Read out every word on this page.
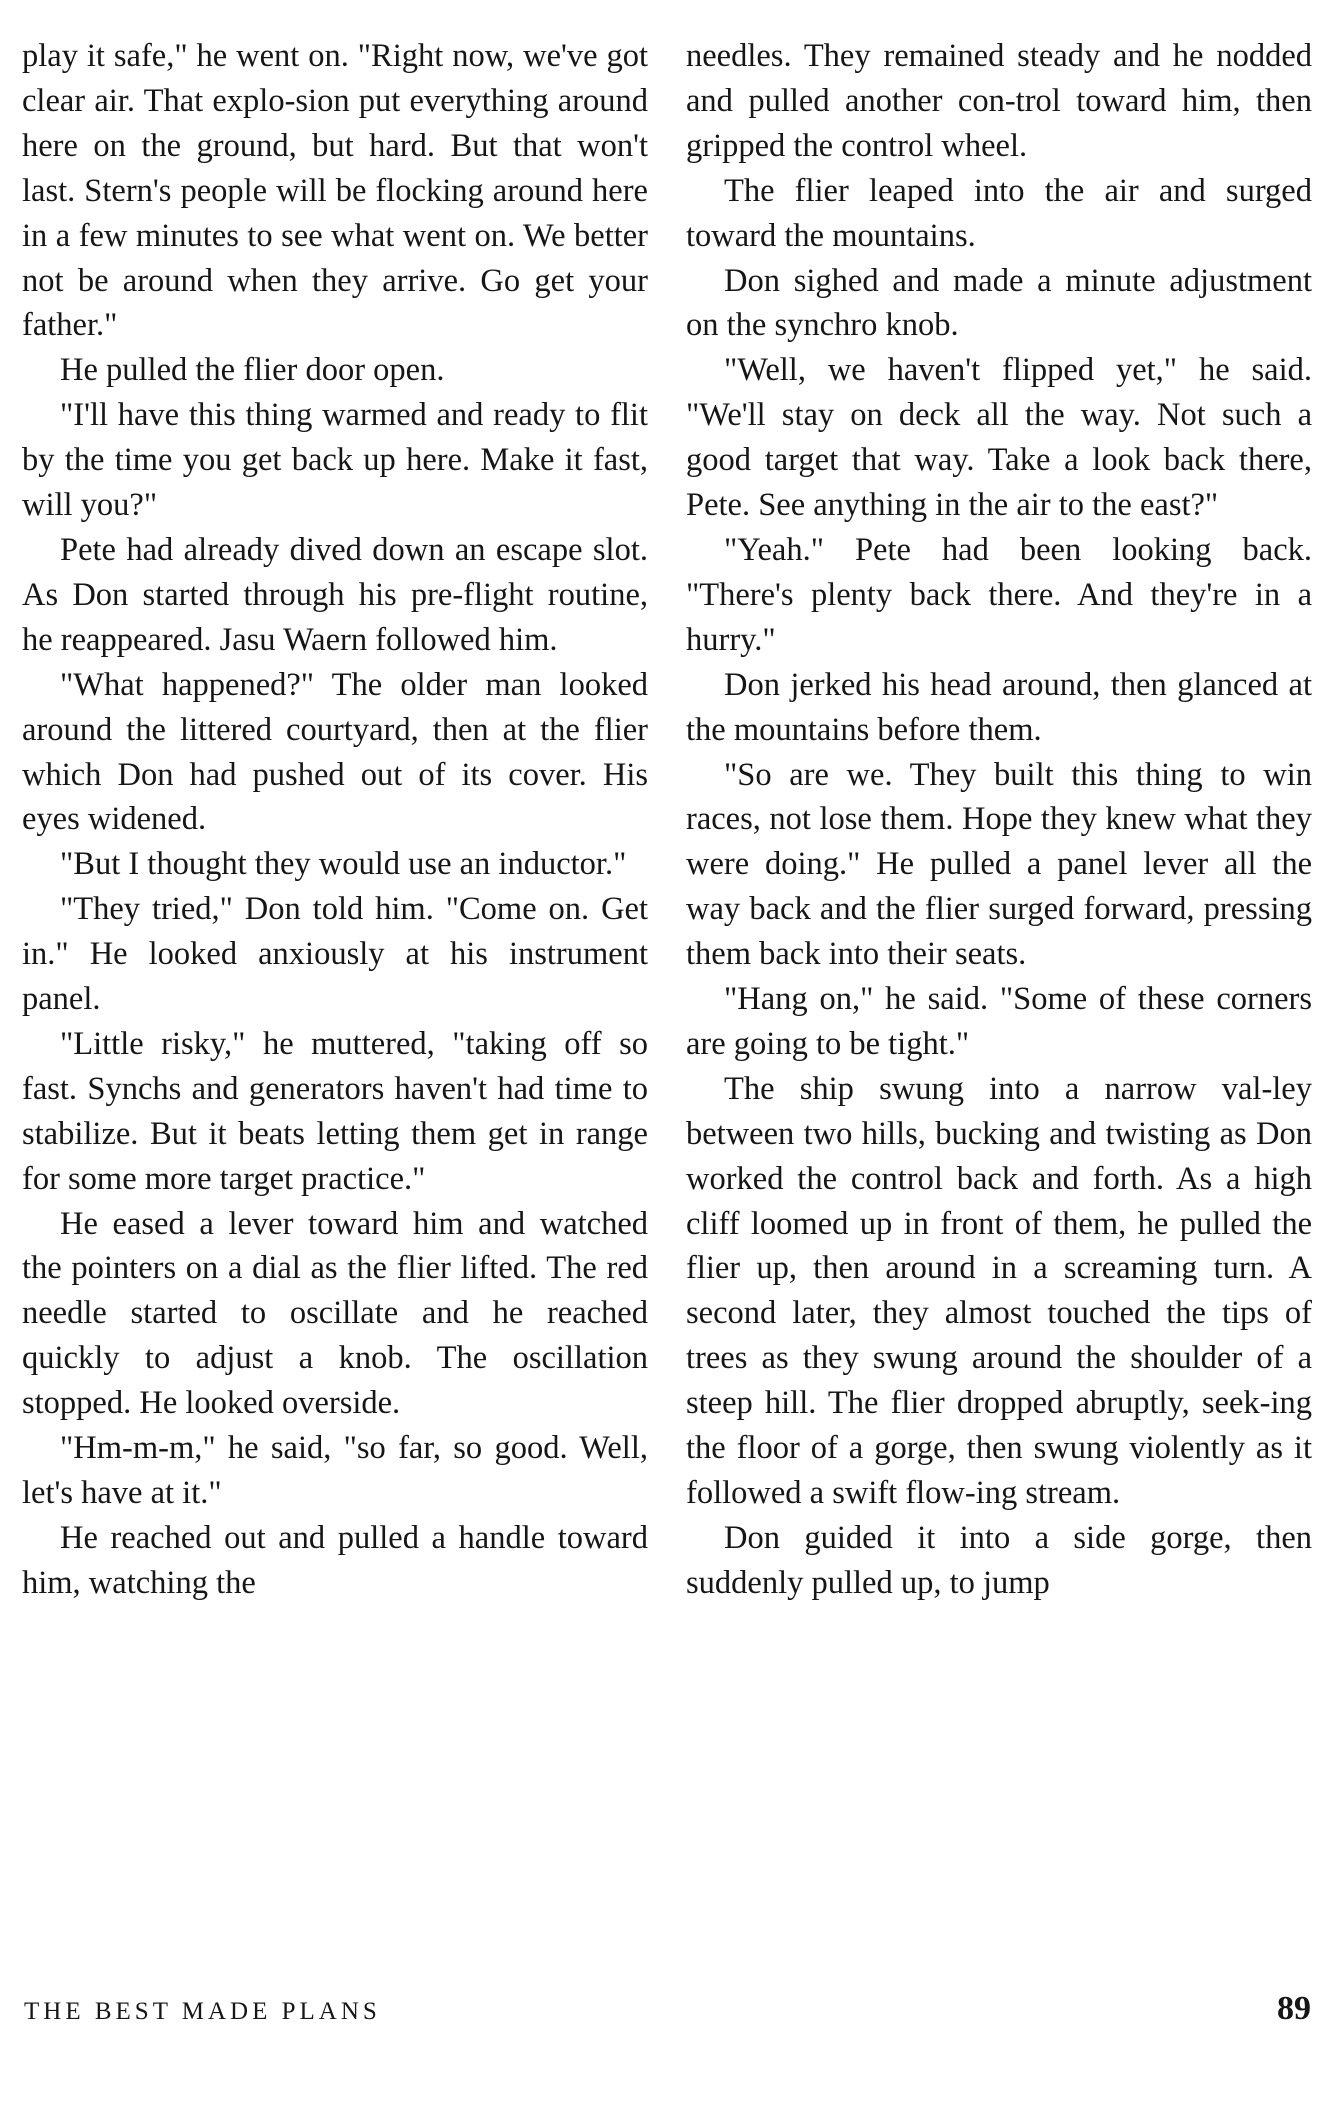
play it safe," he went on. "Right now, we've got clear air. That explo-sion put everything around here on the ground, but hard. But that won't last. Stern's people will be flocking around here in a few minutes to see what went on. We better not be around when they arrive. Go get your father."

He pulled the flier door open.

"I'll have this thing warmed and ready to flit by the time you get back up here. Make it fast, will you?"

Pete had already dived down an escape slot. As Don started through his pre-flight routine, he reappeared. Jasu Waern followed him.

"What happened?" The older man looked around the littered courtyard, then at the flier which Don had pushed out of its cover. His eyes widened.

"But I thought they would use an inductor."

"They tried," Don told him. "Come on. Get in." He looked anxiously at his instrument panel.

"Little risky," he muttered, "taking off so fast. Synchs and generators haven't had time to stabilize. But it beats letting them get in range for some more target practice."

He eased a lever toward him and watched the pointers on a dial as the flier lifted. The red needle started to oscillate and he reached quickly to adjust a knob. The oscillation stopped. He looked overside.

"Hm-m-m," he said, "so far, so good. Well, let's have at it."

He reached out and pulled a handle toward him, watching the

needles. They remained steady and he nodded and pulled another con-trol toward him, then gripped the control wheel.

The flier leaped into the air and surged toward the mountains.

Don sighed and made a minute adjustment on the synchro knob.

"Well, we haven't flipped yet," he said. "We'll stay on deck all the way. Not such a good target that way. Take a look back there, Pete. See anything in the air to the east?"

"Yeah." Pete had been looking back. "There's plenty back there. And they're in a hurry."

Don jerked his head around, then glanced at the mountains before them.

"So are we. They built this thing to win races, not lose them. Hope they knew what they were doing." He pulled a panel lever all the way back and the flier surged forward, pressing them back into their seats.

"Hang on," he said. "Some of these corners are going to be tight."

The ship swung into a narrow val-ley between two hills, bucking and twisting as Don worked the control back and forth. As a high cliff loomed up in front of them, he pulled the flier up, then around in a screaming turn. A second later, they almost touched the tips of trees as they swung around the shoulder of a steep hill. The flier dropped abruptly, seek-ing the floor of a gorge, then swung violently as it followed a swift flow-ing stream.

Don guided it into a side gorge, then suddenly pulled up, to jump

THE BEST MADE PLANS	89
